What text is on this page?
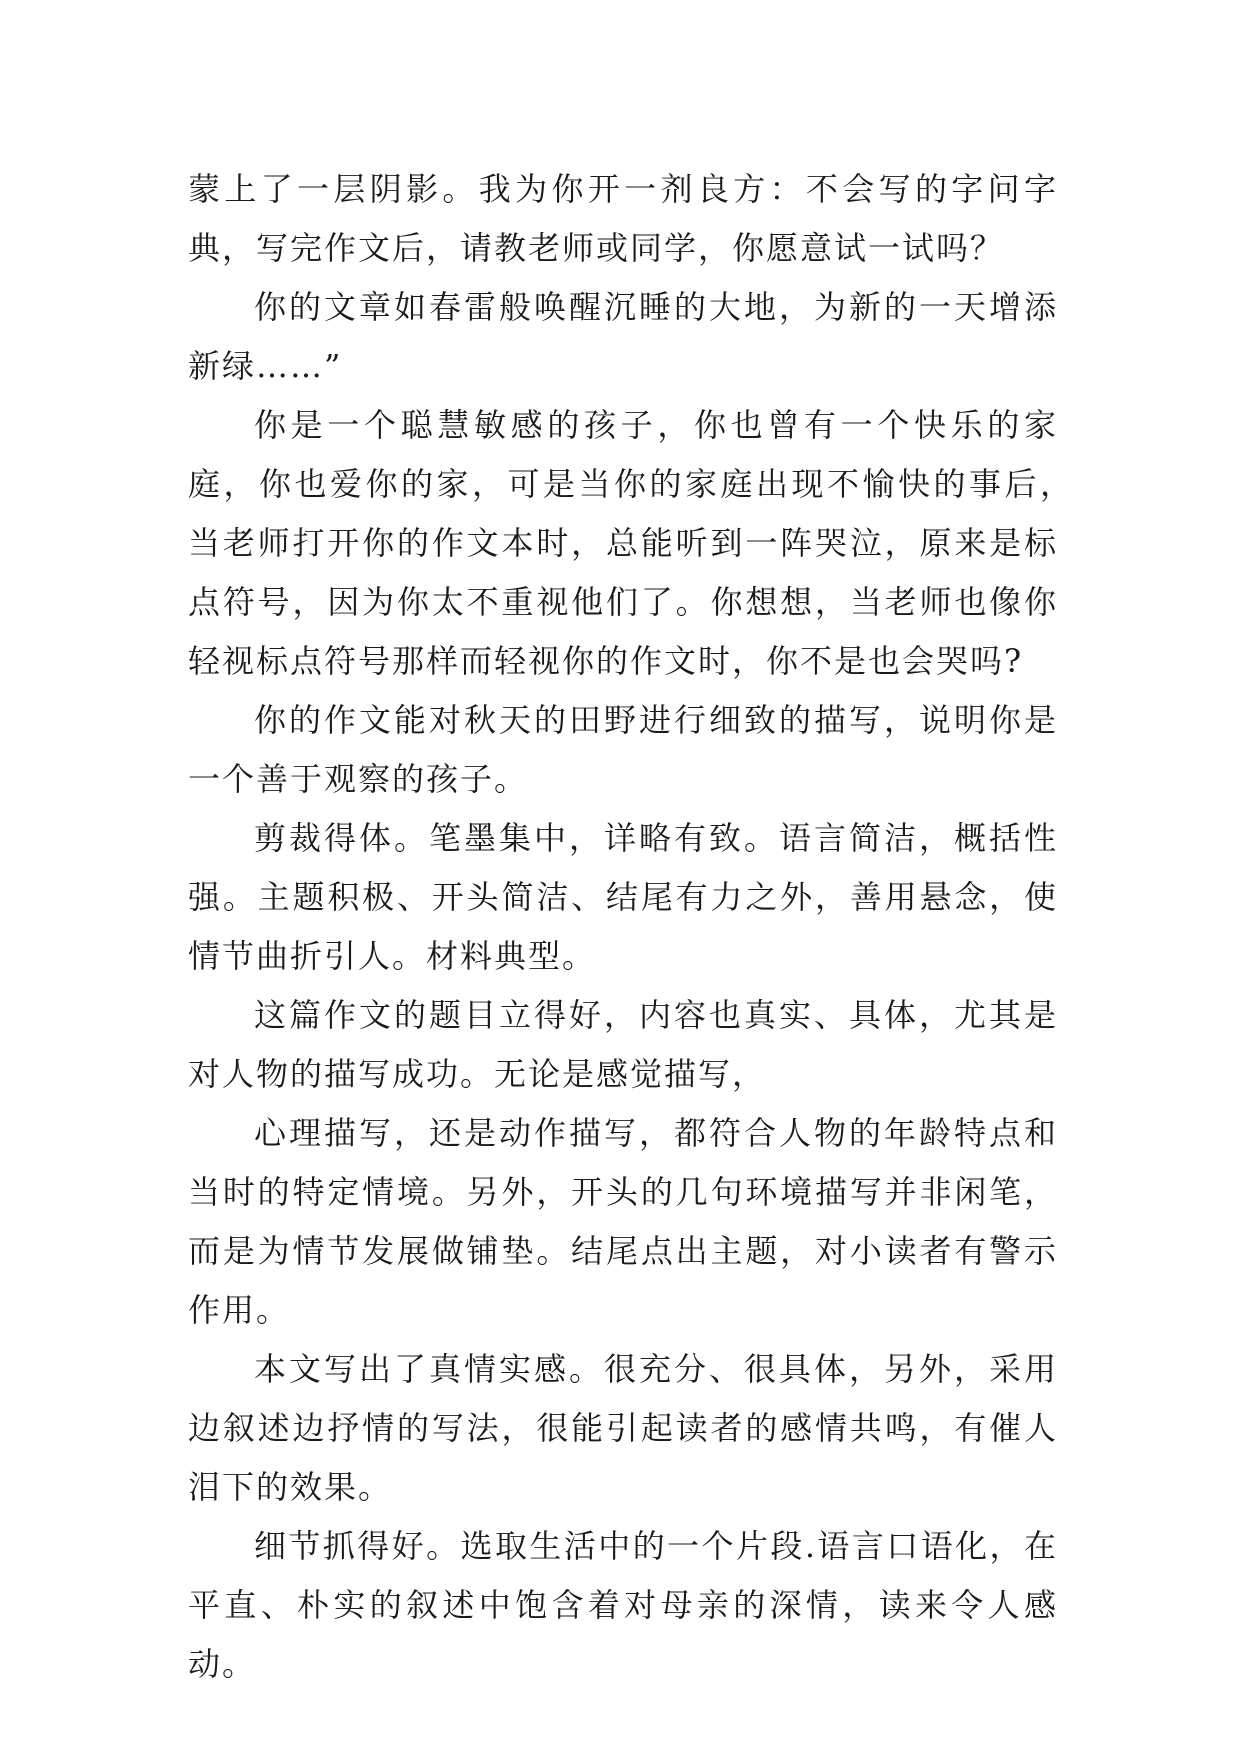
蒙上了一层阴影。我为你开一剂良方：不会写的字问字典，写完作文后，请教老师或同学，你愿意试一试吗？

你的文章如春雷般唤醒沉睡的大地，为新的一天增添新绿……”

你是一个聪慧敏感的孩子，你也曾有一个快乐的家庭，你也爱你的家，可是当你的家庭出现不愉快的事后，　当老师打开你的作文本时，总能听到一阵哭泣，原来是标点符号，因为你太不重视他们了。你想想，当老师也像你轻视标点符号那样而轻视你的作文时，你不是也会哭吗?

你的作文能对秋天的田野进行细致的描写，说明你是一个善于观察的孩子。

剪裁得体。笔墨集中，详略有致。语言简洁，概括性强。主题积极、开头简洁、结尾有力之外，善用悬念，使情节曲折引人。材料典型。

这篇作文的题目立得好，内容也真实、具体，尤其是对人物的描写成功。无论是感觉描写，

心理描写，还是动作描写，都符合人物的年龄特点和当时的特定情境。另外，开头的几句环境描写并非闲笔，而是为情节发展做铺垫。结尾点出主题，对小读者有警示作用。

本文写出了真情实感。很充分、很具体，另外，采用边叙述边抒情的写法，很能引起读者的感情共鸣，有催人泪下的效果。

细节抓得好。选取生活中的一个片段.语言口语化，在平直、朴实的叙述中饱含着对母亲的深情，读来令人感动。
